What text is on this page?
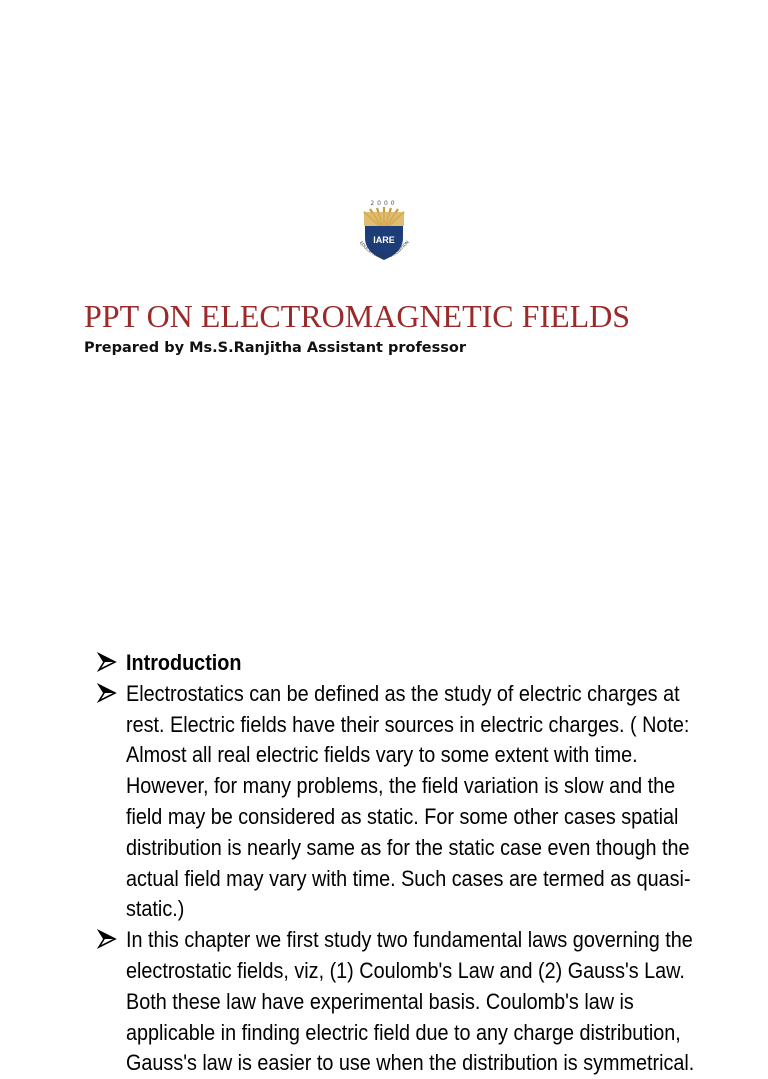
2000
IARE
EDUCATION FOR LIBERATION
PPT ON ELECTROMAGNETIC FIELDS

Prepared by Ms.S.Ranjitha Assistant professor

Introduction
Electrostatics can be defined as the study of electric charges at rest. Electric fields have their sources in electric charges. ( Note: Almost all real electric fields vary to some extent with time. However, for many problems, the field variation is slow and the field may be considered as static. For some other cases spatial distribution is nearly same as for the static case even though the actual field may vary with time. Such cases are termed as quasi-static.)
In this chapter we first study two fundamental laws governing the electrostatic fields, viz, (1) Coulomb's Law and (2) Gauss's Law. Both these law have experimental basis. Coulomb's law is applicable in finding electric field due to any charge distribution, Gauss's law is easier to use when the distribution is symmetrical.
